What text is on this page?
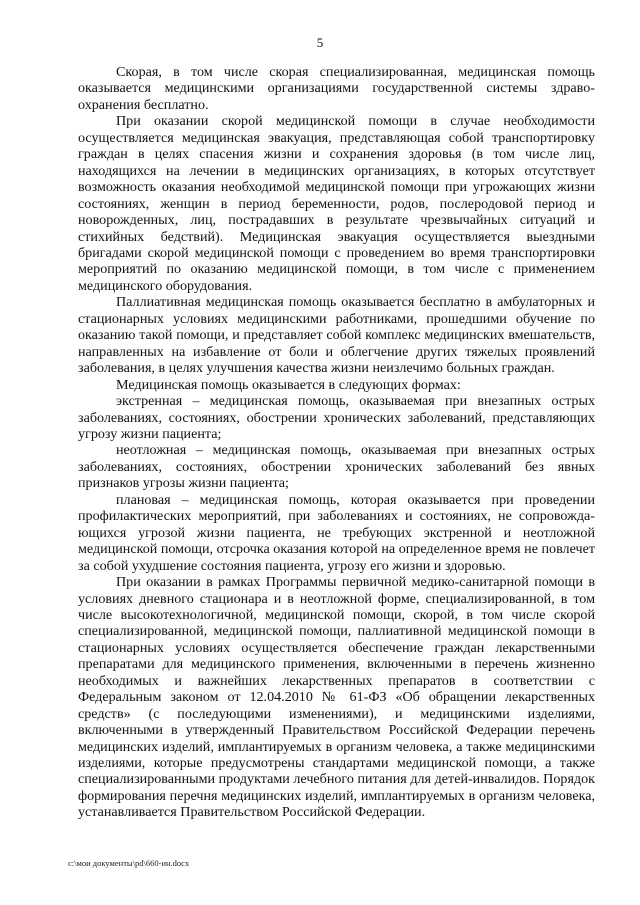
5

Скорая, в том числе скорая специализированная, медицинская помощь оказывается медицинскими организациями государственной системы здравоохранения бесплатно.

При оказании скорой медицинской помощи в случае необходимости осуществляется медицинская эвакуация, представляющая собой транспортировку граждан в целях спасения жизни и сохранения здоровья (в том числе лиц, находящихся на лечении в медицинских организациях, в которых отсутствует возможность оказания необходимой медицинской помощи при угрожающих жизни состояниях, женщин в период беременности, родов, послеродовой период и новорожденных, лиц, пострадавших в результате чрезвычайных ситуаций и стихийных бедствий). Медицинская эвакуация осуществляется выездными бригадами скорой медицинской помощи с проведением во время транспортировки мероприятий по оказанию медицинской помощи, в том числе с применением медицинского оборудования.

Паллиативная медицинская помощь оказывается бесплатно в амбулаторных и стационарных условиях медицинскими работниками, прошедшими обучение по оказанию такой помощи, и представляет собой комплекс медицинских вмешательств, направленных на избавление от боли и облегчение других тяжелых проявлений заболевания, в целях улучшения качества жизни неизлечимо больных граждан.

Медицинская помощь оказывается в следующих формах:

экстренная – медицинская помощь, оказываемая при внезапных острых заболеваниях, состояниях, обострении хронических заболеваний, представляющих угрозу жизни пациента;

неотложная – медицинская помощь, оказываемая при внезапных острых заболеваниях, состояниях, обострении хронических заболеваний без явных признаков угрозы жизни пациента;

плановая – медицинская помощь, которая оказывается при проведении профилактических мероприятий, при заболеваниях и состояниях, не сопровождающихся угрозой жизни пациента, не требующих экстренной и неотложной медицинской помощи, отсрочка оказания которой на определенное время не повлечет за собой ухудшение состояния пациента, угрозу его жизни и здоровью.

При оказании в рамках Программы первичной медико-санитарной помощи в условиях дневного стационара и в неотложной форме, специализированной, в том числе высокотехнологичной, медицинской помощи, скорой, в том числе скорой специализированной, медицинской помощи, паллиативной медицинской помощи в стационарных условиях осуществляется обеспечение граждан лекарственными препаратами для медицинского применения, включенными в перечень жизненно необходимых и важнейших лекарственных препаратов в соответствии с Федеральным законом от 12.04.2010 № 61-ФЗ «Об обращении лекарственных средств» (с последующими изменениями), и медицинскими изделиями, включенными в утвержденный Правительством Российской Федерации перечень медицинских изделий, имплантируемых в организм человека, а также медицинскими изделиями, которые предусмотрены стандартами медицинской помощи, а также специализированными продуктами лечебного питания для детей-инвалидов. Порядок формирования перечня медицинских изделий, имплантируемых в организм человека, устанавливается Правительством Российской Федерации.

c:\мои документы\pd\660-ин.docx
